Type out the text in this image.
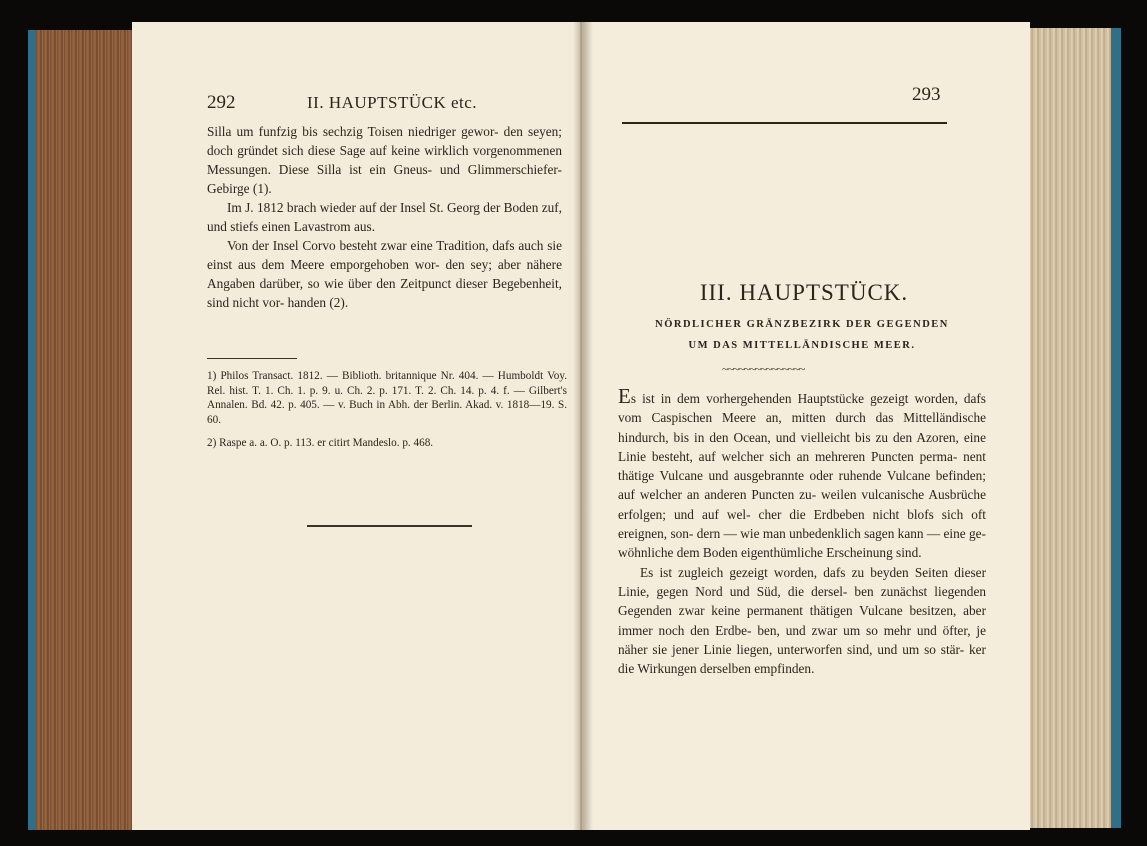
292	II. HAUPTSTÜCK etc.

Silla um funfzig bis sechzig Toisen niedriger gewor- den seyen; doch gründet sich diese Sage auf keine wirklich vorgenommenen Messungen. Diese Silla ist ein Gneus- und Glimmerschiefer-Gebirge (1).

Im J. 1812 brach wieder auf der Insel St. Georg der Boden zuf, und stiefs einen Lavastrom aus.

Von der Insel Corvo besteht zwar eine Tradition, dafs auch sie einst aus dem Meere emporgehoben wor- den sey; aber nähere Angaben darüber, so wie über den Zeitpunct dieser Begebenheit, sind nicht vor- handen (2).

1) Philos Transact. 1812. — Biblioth. britannique Nr. 404. — Humboldt Voy. Rel. hist. T. 1. Ch. 1. p. 9. u. Ch. 2. p. 171. T. 2. Ch. 14. p. 4. f. — Gilbert's Annalen. Bd. 42. p. 405. — v. Buch in Abh. der Berlin. Akad. v. 1818—19. S. 60.

2) Raspe a. a. O. p. 113. er citirt Mandeslo. p. 468.

293
III. HAUPTSTÜCK.
NÖRDLICHER GRÄNZBEZIRK DER GEGENDEN
UM DAS MITTELLÄNDISCHE MEER.
~~~~~~~~~~~~~~~

Es ist in dem vorhergehenden Hauptstücke gezeigt worden, dafs vom Caspischen Meere an, mitten durch das Mittelländische hindurch, bis in den Ocean, und vielleicht bis zu den Azoren, eine Linie besteht, auf welcher sich an mehreren Puncten perma- nent thätige Vulcane und ausgebrannte oder ruhende Vulcane befinden; auf welcher an anderen Puncten zu- weilen vulcanische Ausbrüche erfolgen; und auf wel- cher die Erdbeben nicht blofs sich oft ereignen, son- dern — wie man unbedenklich sagen kann — eine ge- wöhnliche dem Boden eigenthümliche Erscheinung sind.

Es ist zugleich gezeigt worden, dafs zu beyden Seiten dieser Linie, gegen Nord und Süd, die dersel- ben zunächst liegenden Gegenden zwar keine permanent thätigen Vulcane besitzen, aber immer noch den Erdbe- ben, und zwar um so mehr und öfter, je näher sie jener Linie liegen, unterworfen sind, und um so stär- ker die Wirkungen derselben empfinden.
